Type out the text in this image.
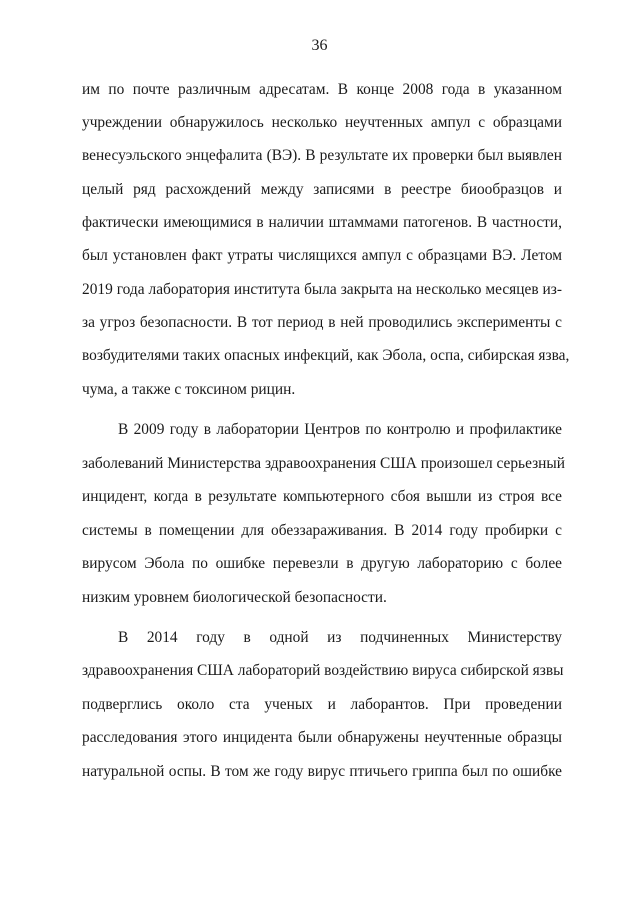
36
им по почте различным адресатам. В конце 2008 года в указанном
учреждении обнаружилось несколько неучтенных ампул с образцами
венесуэльского энцефалита (ВЭ). В результате их проверки был выявлен
целый ряд расхождений между записями в реестре биообразцов и
фактически имеющимися в наличии штаммами патогенов. В частности,
был установлен факт утраты числящихся ампул с образцами ВЭ. Летом
2019 года лаборатория института была закрыта на несколько месяцев из-
за угроз безопасности. В тот период в ней проводились эксперименты с
возбудителями таких опасных инфекций, как Эбола, оспа, сибирская язва,
чума, а также с токсином рицин.
В 2009 году в лаборатории Центров по контролю и профилактике
заболеваний Министерства здравоохранения США произошел серьезный
инцидент, когда в результате компьютерного сбоя вышли из строя все
системы в помещении для обеззараживания. В 2014 году пробирки с
вирусом Эбола по ошибке перевезли в другую лабораторию с более
низким уровнем биологической безопасности.
В 2014 году в одной из подчиненных Министерству
здравоохранения США лабораторий воздействию вируса сибирской язвы
подверглись около ста ученых и лаборантов. При проведении
расследования этого инцидента были обнаружены неучтенные образцы
натуральной оспы. В том же году вирус птичьего гриппа был по ошибке
